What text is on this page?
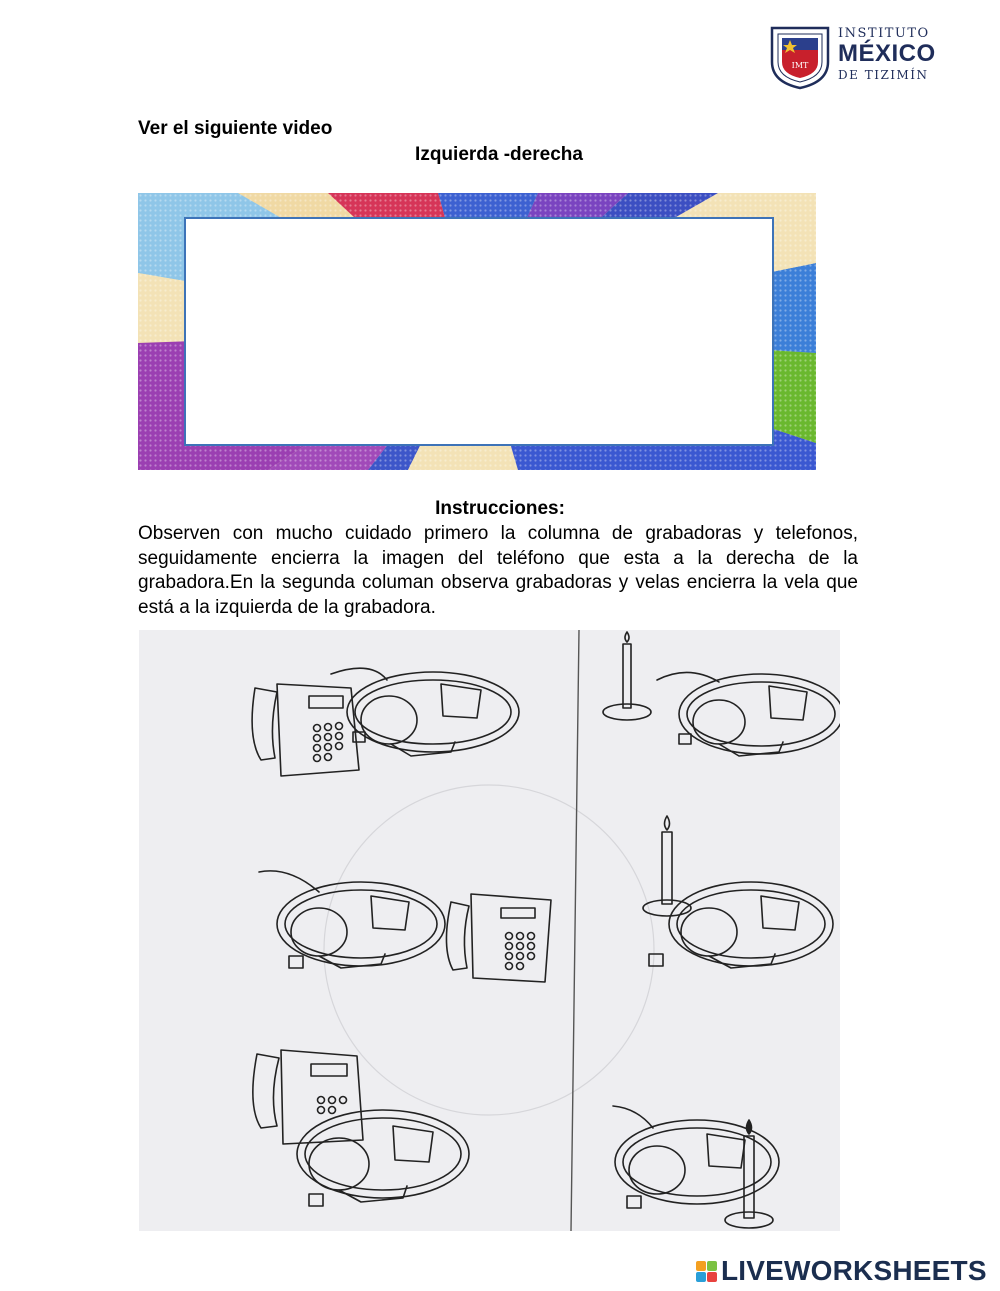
IMT
INSTITUTO
MÉXICO
DE TIZIMÍN
Ver el siguiente video
Izquierda -derecha
Instrucciones:
Observen con mucho cuidado primero la columna de grabadoras y telefonos, seguidamente encierra la imagen del teléfono que esta a la derecha de la grabadora.En la segunda columan observa grabadoras y velas encierra la vela que está a la izquierda de la grabadora.
LIVEWORKSHEETS
